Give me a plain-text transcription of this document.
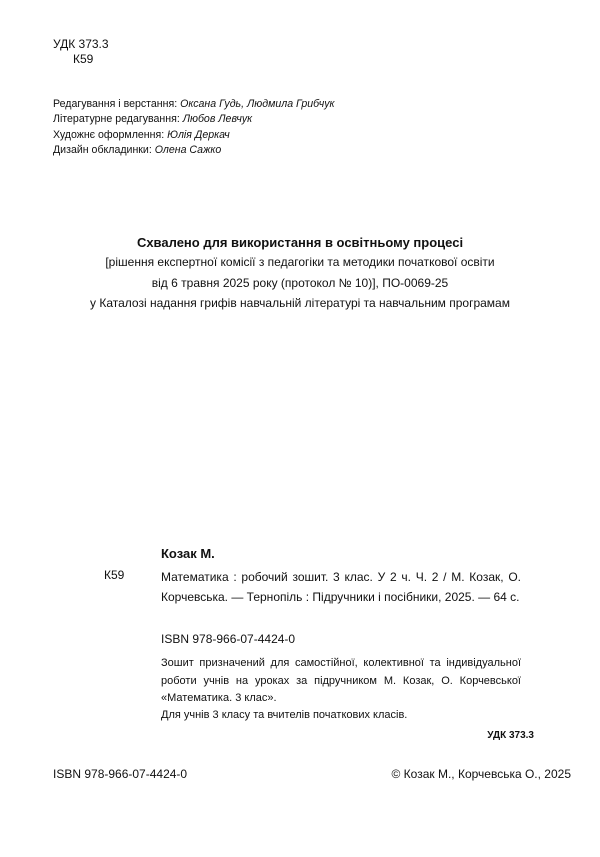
УДК 373.3
К59
Редагування і верстання: Оксана Гудь, Людмила Грибчук
Літературне редагування: Любов Левчук
Художнє оформлення: Юлія Деркач
Дизайн обкладинки: Олена Сажко
Схвалено для використання в освітньому процесі
[рішення експертної комісії з педагогіки та методики початкової освіти
від 6 травня 2025 року (протокол № 10)], ПО-0069-25
у Каталозі надання грифів навчальній літературі та навчальним програмам
Козак М.
К59	Математика : робочий зошит. 3 клас. У 2 ч. Ч. 2 / М. Козак, О. Корчевська. — Тернопіль : Підручники і посібники, 2025. — 64 с.
ISBN 978-966-07-4424-0
Зошит призначений для самостійної, колективної та індивідуальної роботи учнів на уроках за підручником М. Козак, О. Корчевської «Математика. 3 клас».
Для учнів 3 класу та вчителів початкових класів.
УДК 373.3
ISBN 978-966-07-4424-0	© Козак М., Корчевська О., 2025
